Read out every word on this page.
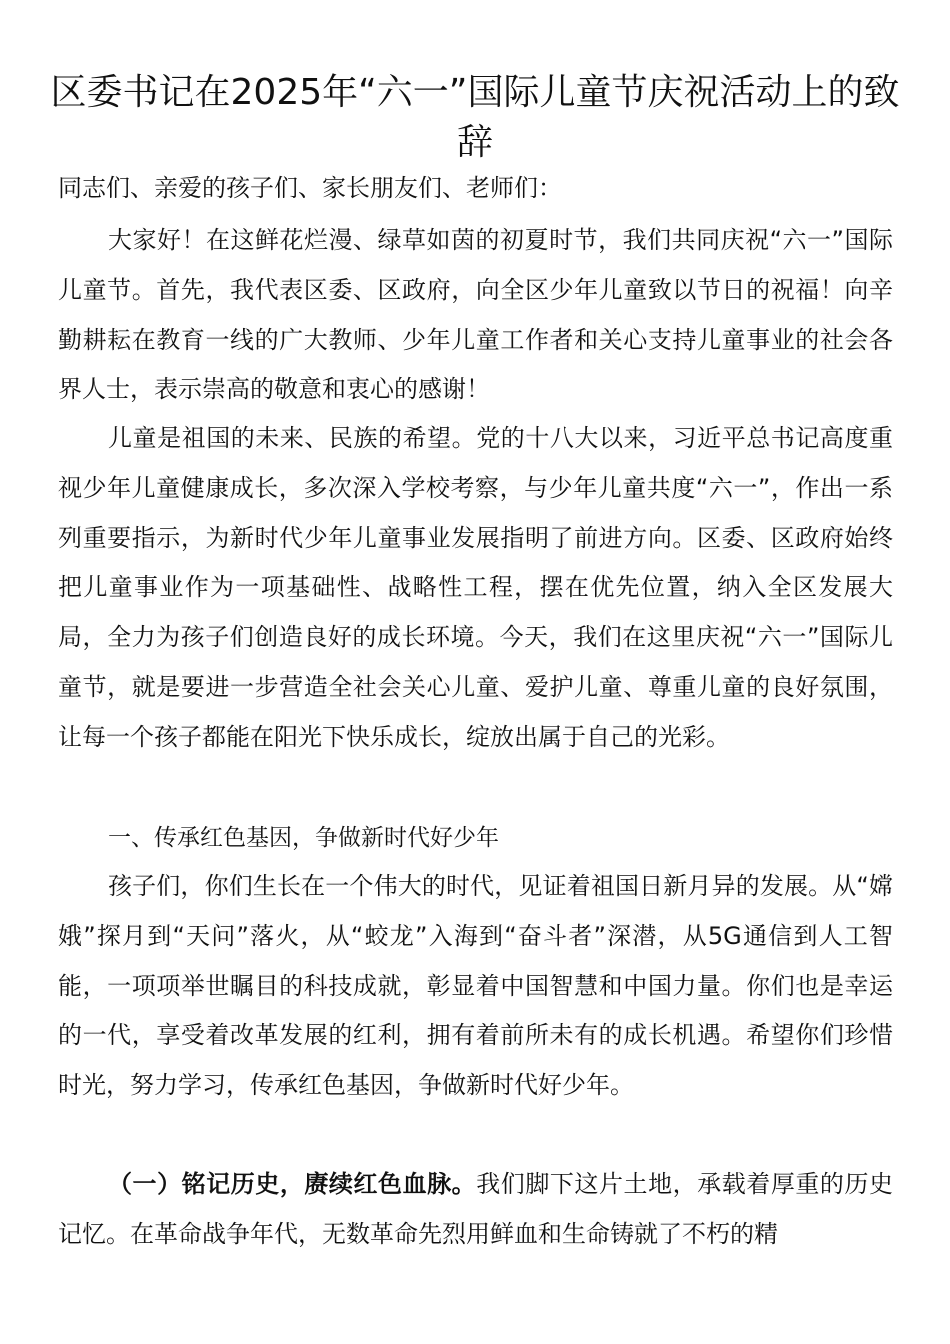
区委书记在2025年“六一”国际儿童节庆祝活动上的致辞
同志们、亲爱的孩子们、家长朋友们、老师们：
大家好！在这鲜花烂漫、绿草如茵的初夏时节，我们共同庆祝“六一”国际儿童节。首先，我代表区委、区政府，向全区少年儿童致以节日的祝福！向辛勤耕耘在教育一线的广大教师、少年儿童工作者和关心支持儿童事业的社会各界人士，表示崇高的敬意和衷心的感谢！
儿童是祖国的未来、民族的希望。党的十八大以来，习近平总书记高度重视少年儿童健康成长，多次深入学校考察，与少年儿童共度“六一”，作出一系列重要指示，为新时代少年儿童事业发展指明了前进方向。区委、区政府始终把儿童事业作为一项基础性、战略性工程，摆在优先位置，纳入全区发展大局，全力为孩子们创造良好的成长环境。今天，我们在这里庆祝“六一”国际儿童节，就是要进一步营造全社会关心儿童、爱护儿童、尊重儿童的良好氛围，让每一个孩子都能在阳光下快乐成长，绽放出属于自己的光彩。
一、传承红色基因，争做新时代好少年
孩子们，你们生长在一个伟大的时代，见证着祖国日新月异的发展。从“嫦娥”探月到“天问”落火，从“蛟龙”入海到“奋斗者”深潜，从5G通信到人工智能，一项项举世瞩目的科技成就，彰显着中国智慧和中国力量。你们也是幸运的一代，享受着改革发展的红利，拥有着前所未有的成长机遇。希望你们珍惜时光，努力学习，传承红色基因，争做新时代好少年。
（一）铭记历史，赓续红色血脉。我们脚下这片土地，承载着厚重的历史记忆。在革命战争年代，无数革命先烈用鲜血和生命铸就了不朽的精
